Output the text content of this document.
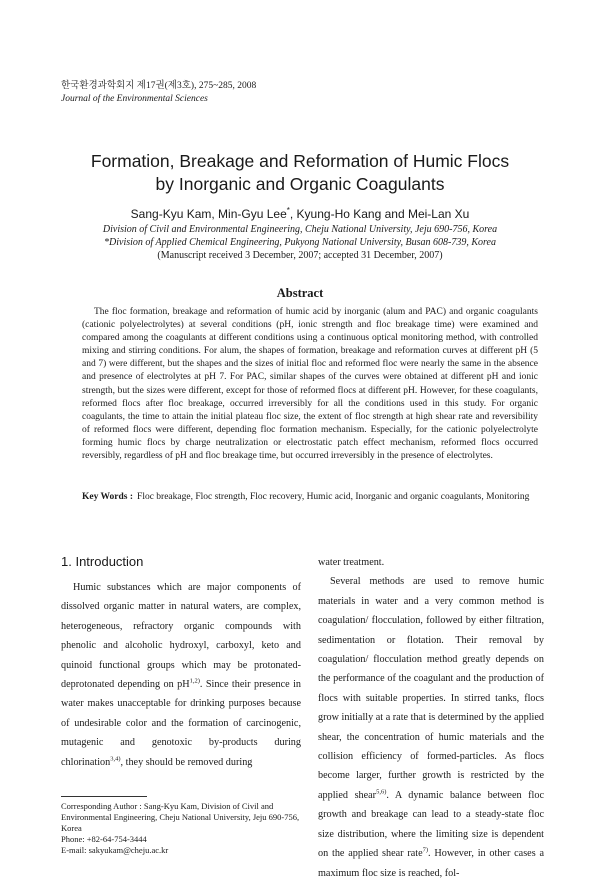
한국환경과학회지 제17권(제3호), 275~285, 2008
Journal of the Environmental Sciences
Formation, Breakage and Reformation of Humic Flocs
by Inorganic and Organic Coagulants
Sang-Kyu Kam, Min-Gyu Lee*, Kyung-Ho Kang and Mei-Lan Xu
Division of Civil and Environmental Engineering, Cheju National University, Jeju 690-756, Korea
*Division of Applied Chemical Engineering, Pukyong National University, Busan 608-739, Korea
(Manuscript received 3 December, 2007; accepted 31 December, 2007)
Abstract
The floc formation, breakage and reformation of humic acid by inorganic (alum and PAC) and organic coagulants (cationic polyelectrolytes) at several conditions (pH, ionic strength and floc breakage time) were examined and compared among the coagulants at different conditions using a continuous optical monitoring method, with controlled mixing and stirring conditions. For alum, the shapes of formation, breakage and reformation curves at different pH (5 and 7) were different, but the shapes and the sizes of initial floc and reformed floc were nearly the same in the absence and presence of electrolytes at pH 7. For PAC, similar shapes of the curves were obtained at different pH and ionic strength, but the sizes were different, except for those of reformed flocs at different pH. However, for these coagulants, reformed flocs after floc breakage, occurred irreversibly for all the conditions used in this study. For organic coagulants, the time to attain the initial plateau floc size, the extent of floc strength at high shear rate and reversibility of reformed flocs were different, depending floc formation mechanism. Especially, for the cationic polyelectrolyte forming humic flocs by charge neutralization or electrostatic patch effect mechanism, reformed flocs occurred reversibly, regardless of pH and floc breakage time, but occurred irreversibly in the presence of electrolytes.
Key Words : Floc breakage, Floc strength, Floc recovery, Humic acid, Inorganic and organic coagulants, Monitoring
1. Introduction
Humic substances which are major components of dissolved organic matter in natural waters, are complex, heterogeneous, refractory organic compounds with phenolic and alcoholic hydroxyl, carboxyl, keto and quinoid functional groups which may be protonated-deprotonated depending on pH$^{1,2)}$. Since their presence in water makes unacceptable for drinking purposes because of undesirable color and the formation of carcinogenic, mutagenic and genotoxic by-products during chlorination$^{3,4)}$, they should be removed during
Corresponding Author : Sang-Kyu Kam, Division of Civil and Environmental Engineering, Cheju National University, Jeju 690-756, Korea
Phone: +82-64-754-3444
E-mail: sakyukam@cheju.ac.kr

water treatment.

Several methods are used to remove humic materials in water and a very common method is coagulation/ flocculation, followed by either filtration, sedimentation or flotation. Their removal by coagulation/ flocculation method greatly depends on the performance of the coagulant and the production of flocs with suitable properties. In stirred tanks, flocs grow initially at a rate that is determined by the applied shear, the concentration of humic materials and the collision efficiency of formed-particles. As flocs become larger, further growth is restricted by the applied shear$^{5,6)}$. A dynamic balance between floc growth and breakage can lead to a steady-state floc size distribution, where the limiting size is dependent on the applied shear rate$^{7)}$. However, in other cases a maximum floc size is reached, fol-
